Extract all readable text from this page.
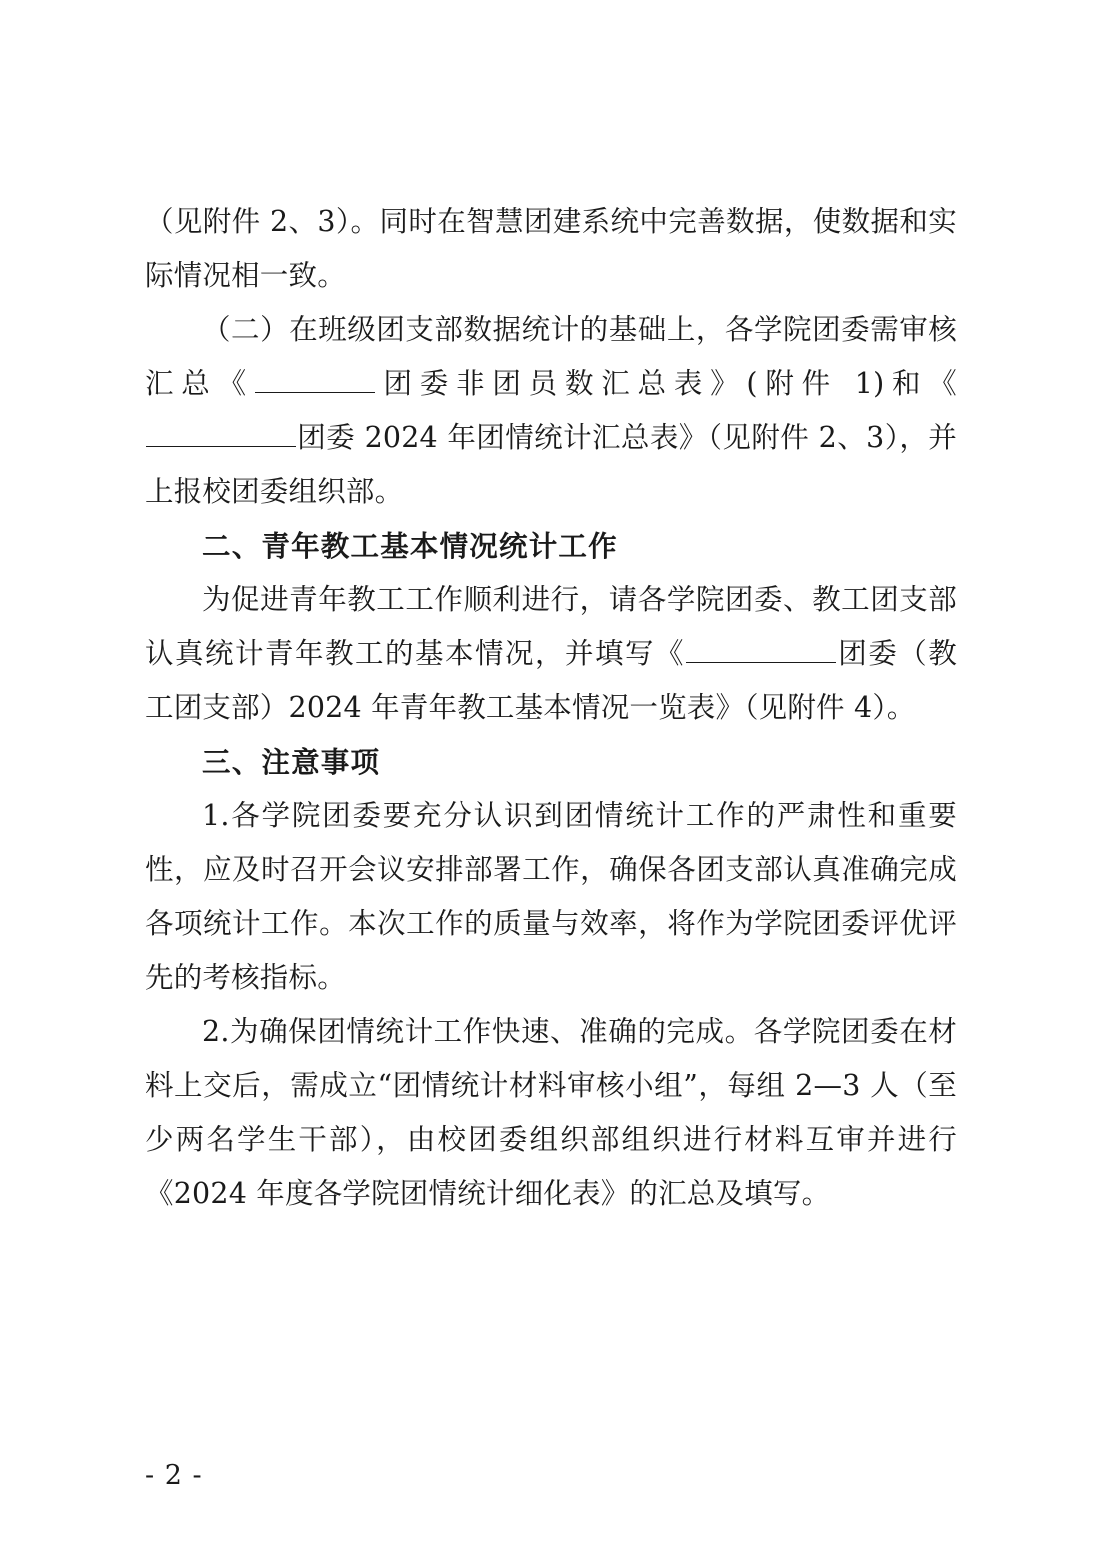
（见附件 2、3）。同时在智慧团建系统中完善数据，使数据和实际情况相一致。

（二）在班级团支部数据统计的基础上，各学院团委需审核汇总《	团委非团员数汇总表》(附件 1)和《团委 2024 年团情统计汇总表》（见附件 2、3），并上报校团委组织部。

二、青年教工基本情况统计工作

为促进青年教工工作顺利进行，请各学院团委、教工团支部认真统计青年教工的基本情况，并填写《	团委（教工团支部）2024 年青年教工基本情况一览表》（见附件 4）。

三、注意事项

1.各学院团委要充分认识到团情统计工作的严肃性和重要性，应及时召开会议安排部署工作，确保各团支部认真准确完成各项统计工作。本次工作的质量与效率，将作为学院团委评优评先的考核指标。

2.为确保团情统计工作快速、准确的完成。各学院团委在材料上交后，需成立“团情统计材料审核小组”，每组 2—3 人（至少两名学生干部），由校团委组织部组织进行材料互审并进行《2024 年度各学院团情统计细化表》的汇总及填写。

- 2 -
